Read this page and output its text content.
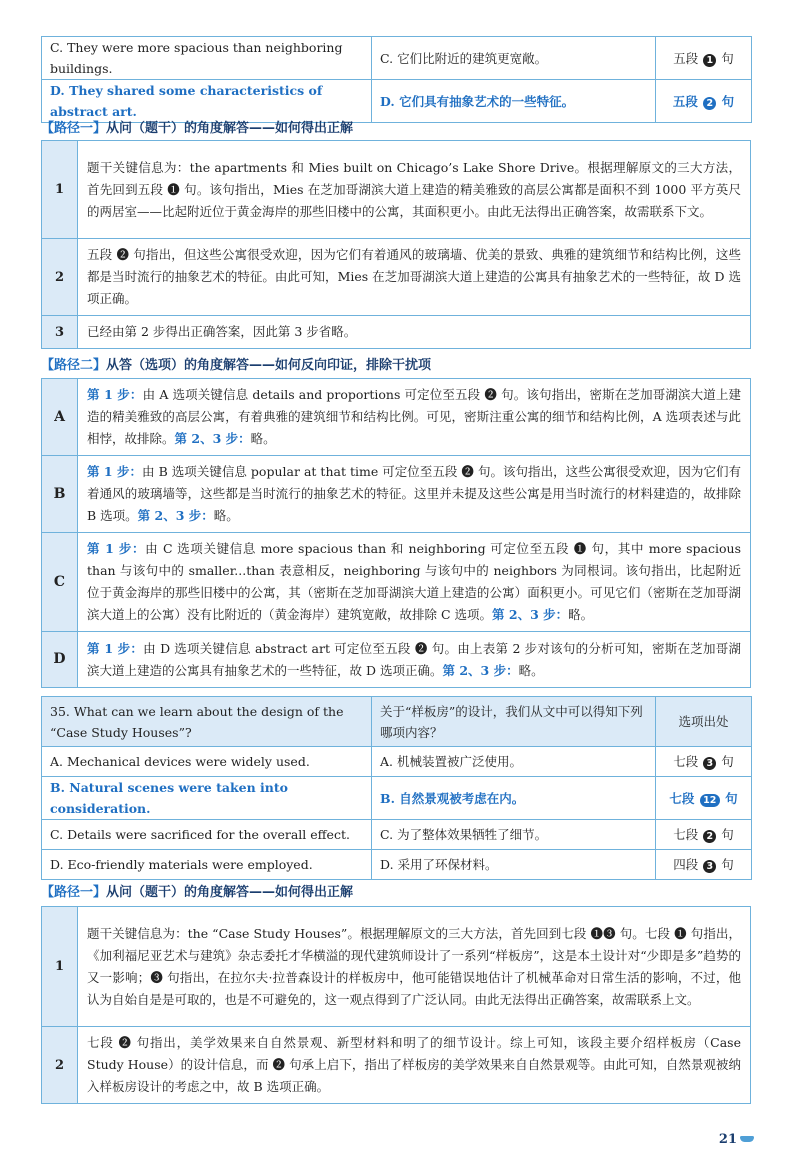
C. They were more spacious than neighboring buildings.	C. 它们比附近的建筑更宽敞。	五段 1 句
D. They shared some characteristics of abstract art.	D. 它们具有抽象艺术的一些特征。	五段 2 句
【路径一】从问（题干）的角度解答——如何得出正解
1	题干关键信息为：the apartments 和 Mies built on Chicago’s Lake Shore Drive。根据理解原文的三大方法，首先回到五段 ❶ 句。该句指出，Mies 在芝加哥湖滨大道上建造的精美雅致的高层公寓都是面积不到 1000 平方英尺的两居室——比起附近位于黄金海岸的那些旧楼中的公寓，其面积更小。由此无法得出正确答案，故需联系下文。
2	五段 ❷ 句指出，但这些公寓很受欢迎，因为它们有着通风的玻璃墙、优美的景致、典雅的建筑细节和结构比例，这些都是当时流行的抽象艺术的特征。由此可知，Mies 在芝加哥湖滨大道上建造的公寓具有抽象艺术的一些特征，故 D 选项正确。
3	已经由第 2 步得出正确答案，因此第 3 步省略。
【路径二】从答（选项）的角度解答——如何反向印证，排除干扰项
A	第 1 步：由 A 选项关键信息 details and proportions 可定位至五段 ❷ 句。该句指出，密斯在芝加哥湖滨大道上建造的精美雅致的高层公寓，有着典雅的建筑细节和结构比例。可见，密斯注重公寓的细节和结构比例，A 选项表述与此相悖，故排除。第 2、3 步：略。
B	第 1 步：由 B 选项关键信息 popular at that time 可定位至五段 ❷ 句。该句指出，这些公寓很受欢迎，因为它们有着通风的玻璃墙等，这些都是当时流行的抽象艺术的特征。这里并未提及这些公寓是用当时流行的材料建造的，故排除 B 选项。第 2、3 步：略。
C	第 1 步：由 C 选项关键信息 more spacious than 和 neighboring 可定位至五段 ❶ 句，其中 more spacious than 与该句中的 smaller...than 表意相反，neighboring 与该句中的 neighbors 为同根词。该句指出，比起附近位于黄金海岸的那些旧楼中的公寓，其（密斯在芝加哥湖滨大道上建造的公寓）面积更小。可见它们（密斯在芝加哥湖滨大道上的公寓）没有比附近的（黄金海岸）建筑宽敞，故排除 C 选项。第 2、3 步：略。
D	第 1 步：由 D 选项关键信息 abstract art 可定位至五段 ❷ 句。由上表第 2 步对该句的分析可知，密斯在芝加哥湖滨大道上建造的公寓具有抽象艺术的一些特征，故 D 选项正确。第 2、3 步：略。
35. What can we learn about the design of the “Case Study Houses”?	关于“样板房”的设计，我们从文中可以得知下列哪项内容？	选项出处
A. Mechanical devices were widely used.	A. 机械装置被广泛使用。	七段 3 句
B. Natural scenes were taken into consideration.	B. 自然景观被考虑在内。	七段 12 句
C. Details were sacrificed for the overall effect.	C. 为了整体效果牺牲了细节。	七段 2 句
D. Eco-friendly materials were employed.	D. 采用了环保材料。	四段 3 句
【路径一】从问（题干）的角度解答——如何得出正解
1	题干关键信息为：the “Case Study Houses”。根据理解原文的三大方法，首先回到七段 ❶❸ 句。七段 ❶ 句指出，《加利福尼亚艺术与建筑》杂志委托才华横溢的现代建筑师设计了一系列“样板房”，这是本土设计对“少即是多”趋势的又一影响；❸ 句指出，在拉尔夫·拉普森设计的样板房中，他可能错误地估计了机械革命对日常生活的影响，不过，他认为自始自是是可取的，也是不可避免的，这一观点得到了广泛认同。由此无法得出正确答案，故需联系上文。
2	七段 ❷ 句指出，美学效果来自自然景观、新型材料和明了的细节设计。综上可知，该段主要介绍样板房（Case Study House）的设计信息，而 ❷ 句承上启下，指出了样板房的美学效果来自自然景观等。由此可知，自然景观被纳入样板房设计的考虑之中，故 B 选项正确。
21
